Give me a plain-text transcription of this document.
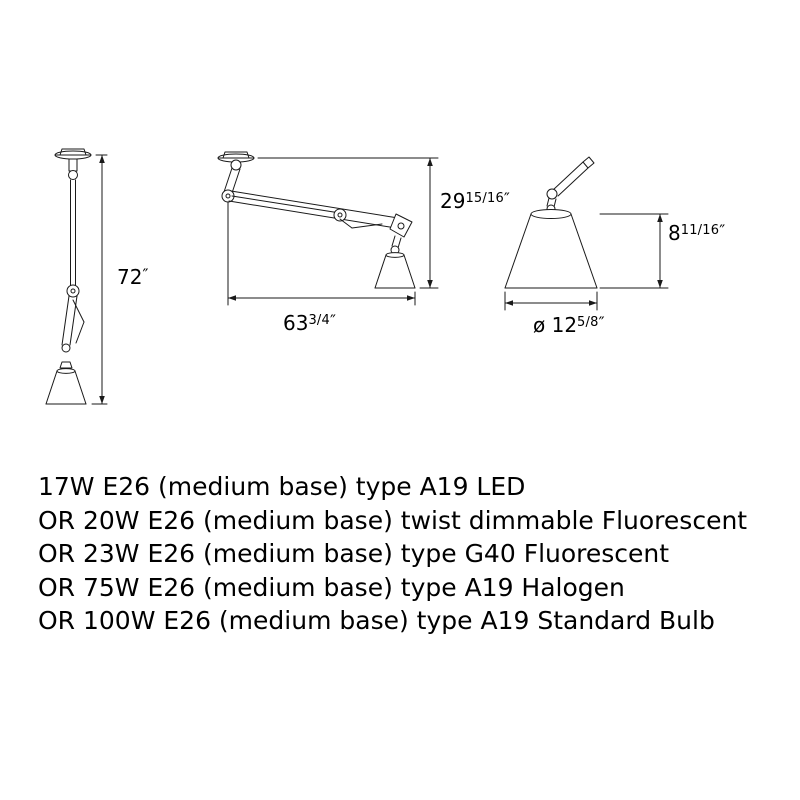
72″
$29^{15/16''}$
$63^{3/4''}$
$8^{11/16''}$
ø $12^{5/8''}$
17W E26 (medium base) type A19 LED
OR 20W E26 (medium base) twist dimmable Fluorescent
OR 23W E26 (medium base) type G40 Fluorescent
OR 75W E26 (medium base) type A19 Halogen
OR 100W E26 (medium base) type A19 Standard Bulb
